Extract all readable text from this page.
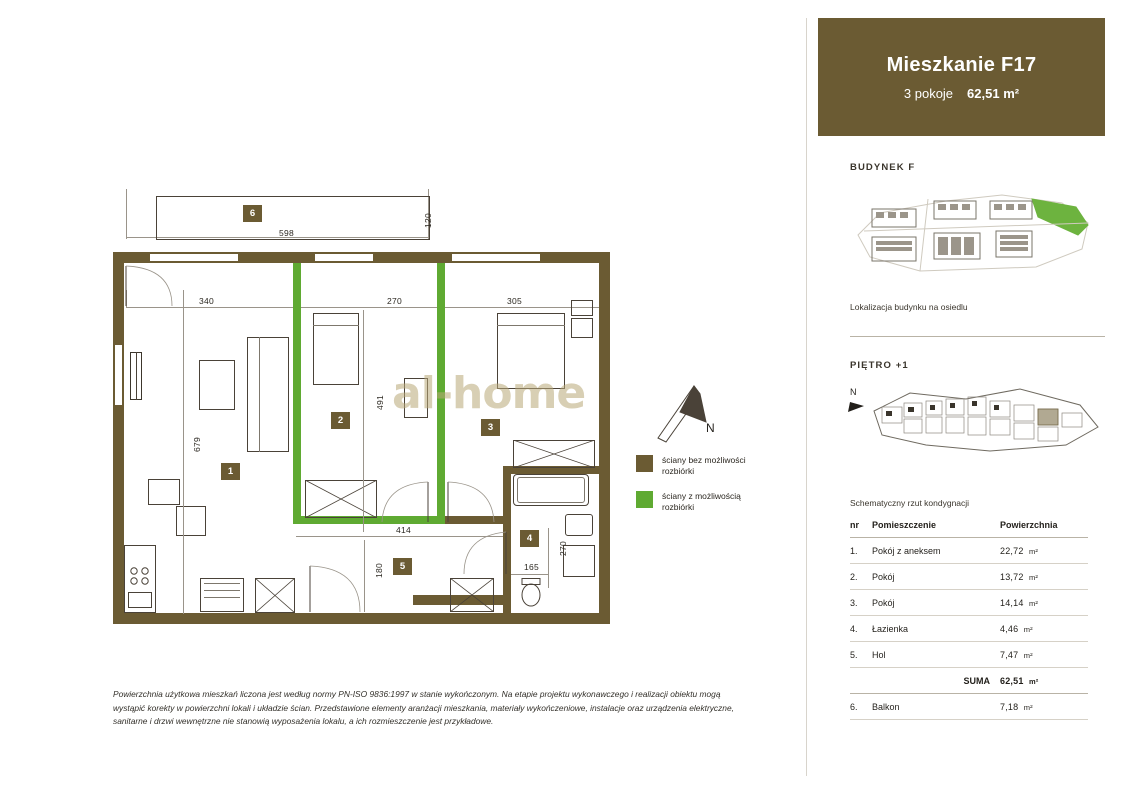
6
598
120
340	270	305
1
2
3
4
5
491
679
414
180
270
165
al-home
N
ściany bez możliwości
rozbiórki
ściany z możliwością
rozbiórki
Powierzchnia użytkowa mieszkań liczona jest według normy PN-ISO 9836:1997 w stanie wykończonym. Na etapie projektu wykonawczego i realizacji obiektu mogą wystąpić korekty w powierzchni lokali i układzie ścian. Przedstawione elementy aranżacji mieszkania, materiały wykończeniowe, instalacje oraz urządzenia elektryczne, sanitarne i drzwi wewnętrzne nie stanowią wyposażenia lokalu, a ich rozmieszczenie jest przykładowe.
Mieszkanie F17
3 pokoje 62,51 m²
BUDYNEK F
Lokalizacja budynku na osiedlu
PIĘTRO +1
N
Schematyczny rzut kondygnacji
nr	Pomieszczenie	Powierzchnia
1.	Pokój z aneksem	22,72 m²
2.	Pokój	13,72 m²
3.	Pokój	14,14 m²
4.	Łazienka	4,46 m²
5.	Hol	7,47 m²
	SUMA	62,51 m²
6.	Balkon	7,18 m²
